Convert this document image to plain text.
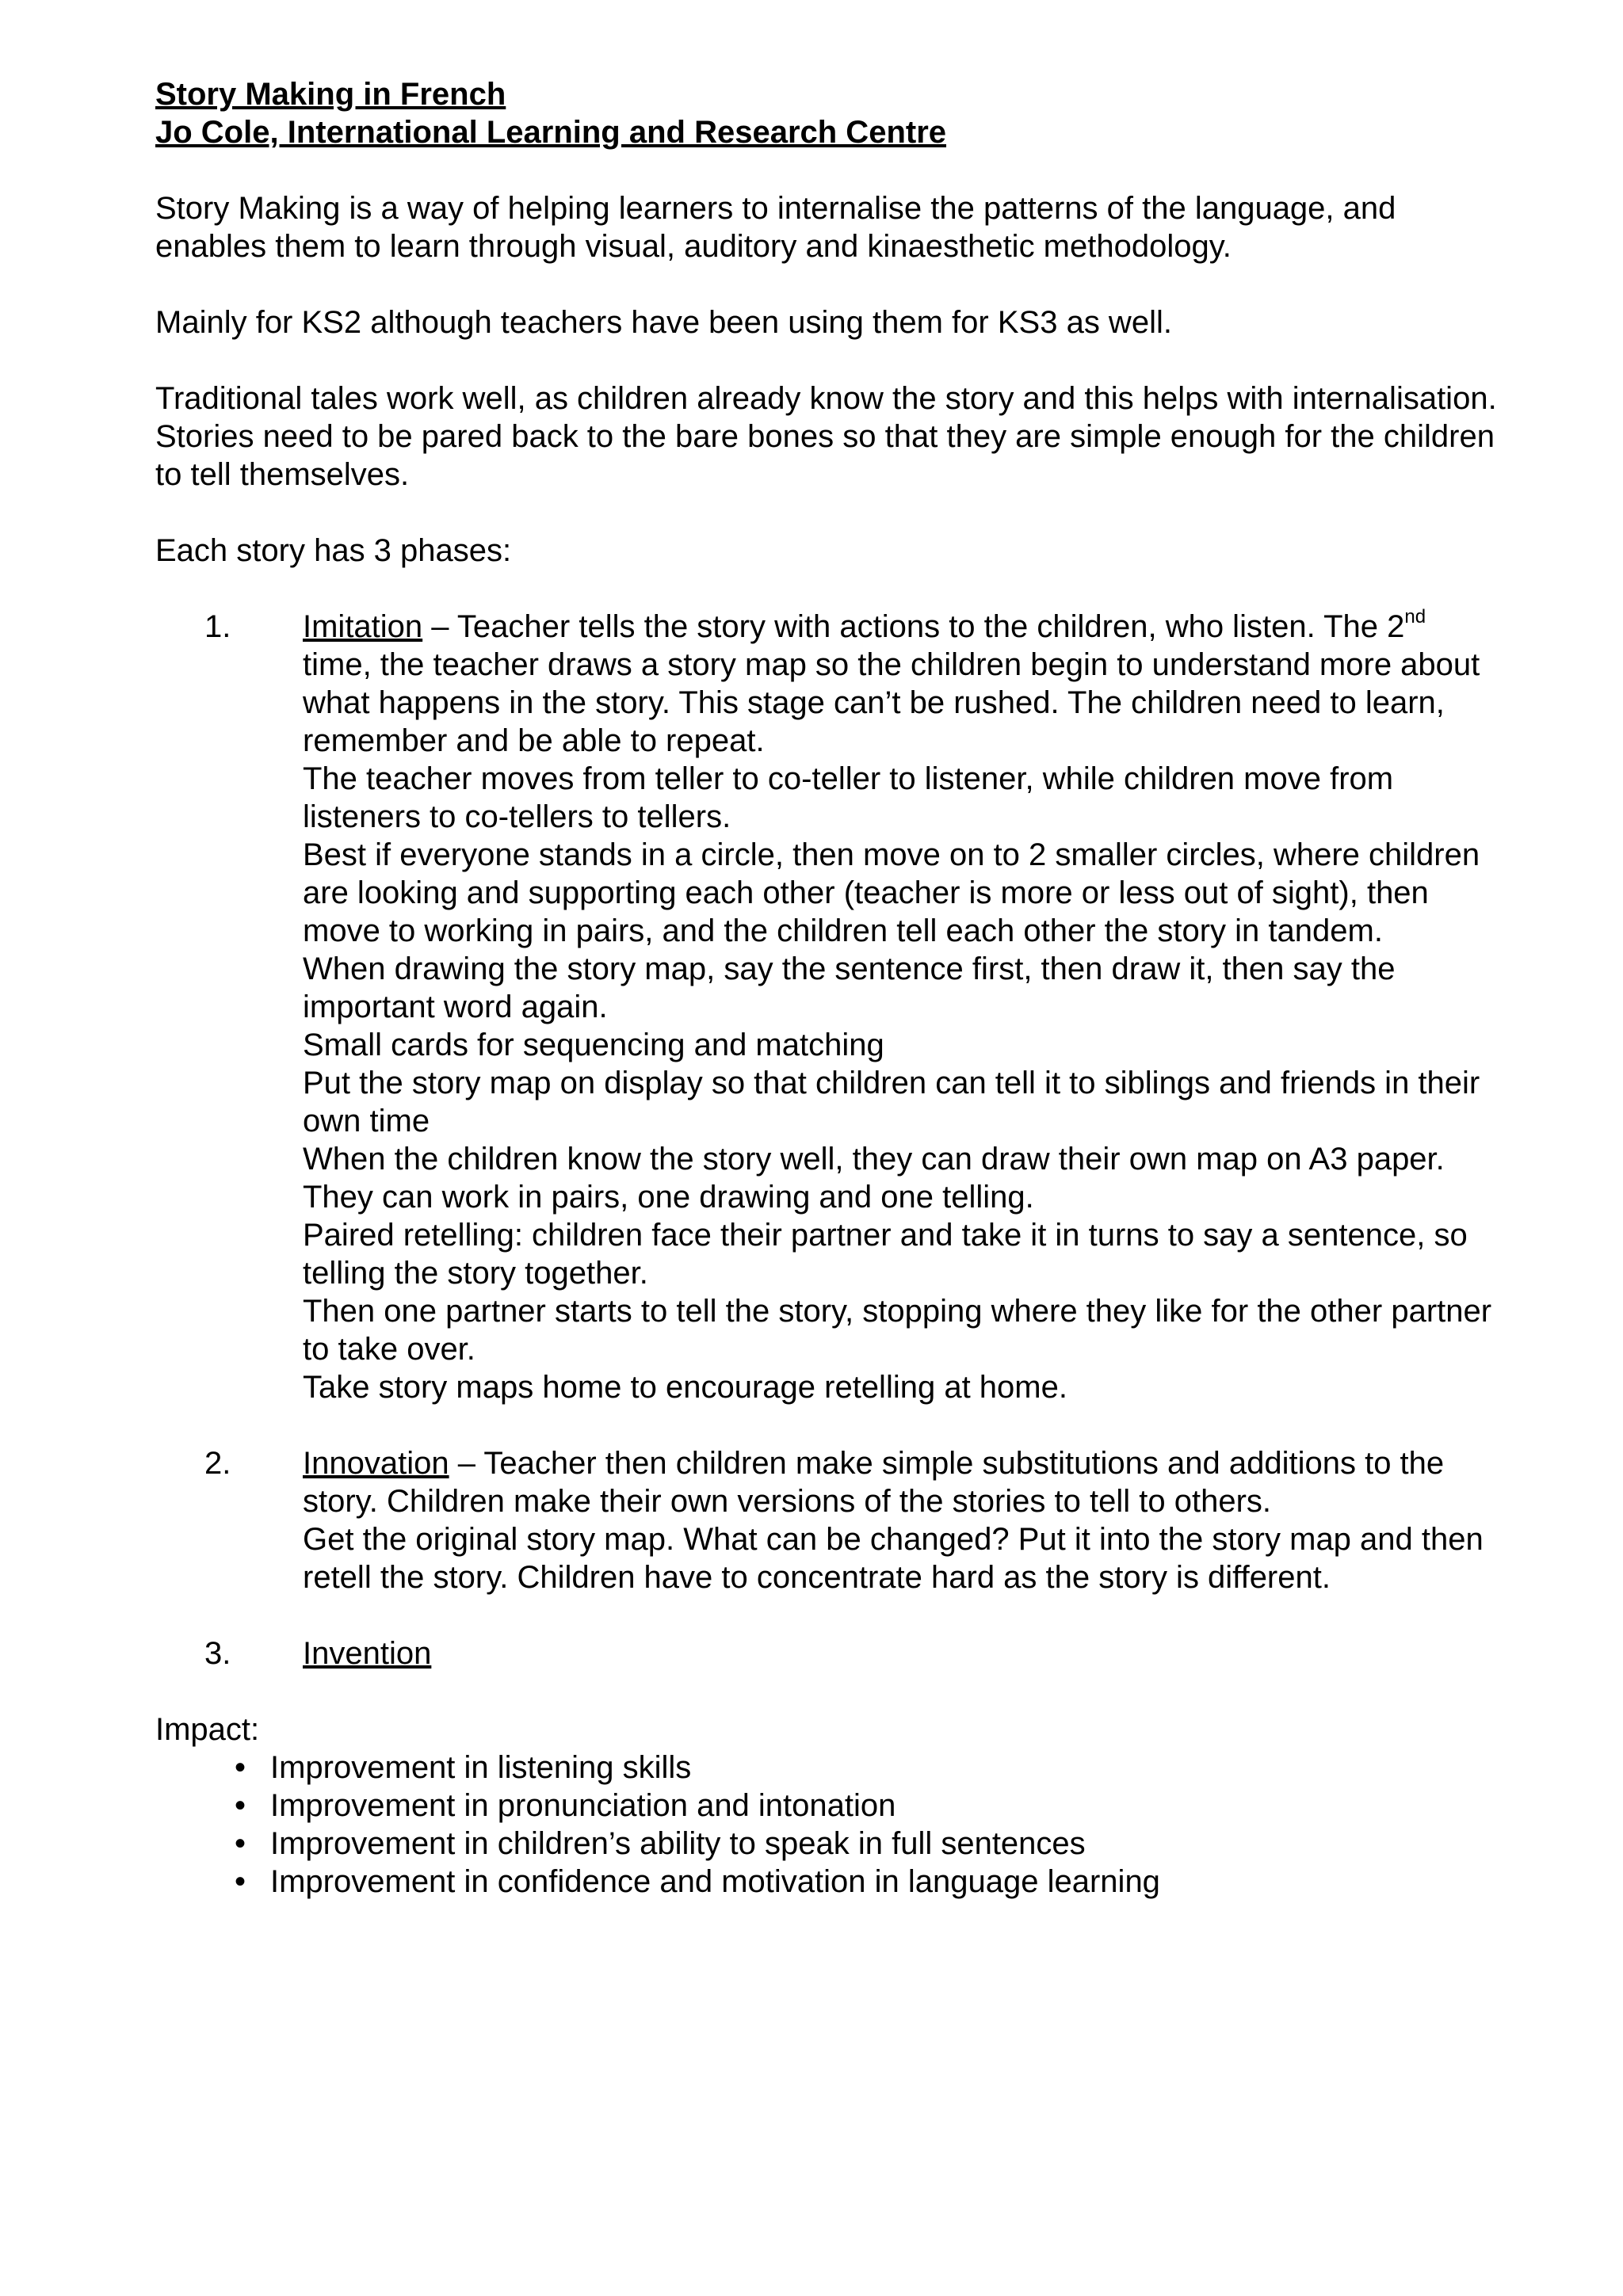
Story Making in French
Jo Cole, International Learning and Research Centre

Story Making is a way of helping learners to internalise the patterns of the language, and enables them to learn through visual, auditory and kinaesthetic methodology.

Mainly for KS2 although teachers have been using them for KS3 as well.

Traditional tales work well, as children already know the story and this helps with internalisation.

Stories need to be pared back to the bare bones so that they are simple enough for the children to tell themselves.

Each story has 3 phases:

1. Imitation – Teacher tells the story with actions to the children, who listen. The 2nd time, the teacher draws a story map so the children begin to understand more about what happens in the story. This stage can’t be rushed. The children need to learn, remember and be able to repeat.

The teacher moves from teller to co-teller to listener, while children move from listeners to co-tellers to tellers.

Best if everyone stands in a circle, then move on to 2 smaller circles, where children are looking and supporting each other (teacher is more or less out of sight), then move to working in pairs, and the children tell each other the story in tandem.

When drawing the story map, say the sentence first, then draw it, then say the important word again.

Small cards for sequencing and matching

Put the story map on display so that children can tell it to siblings and friends in their own time

When the children know the story well, they can draw their own map on A3 paper. They can work in pairs, one drawing and one telling.

Paired retelling: children face their partner and take it in turns to say a sentence, so telling the story together.

Then one partner starts to tell the story, stopping where they like for the other partner to take over.

Take story maps home to encourage retelling at home.

2. Innovation – Teacher then children make simple substitutions and additions to the story. Children make their own versions of the stories to tell to others.

Get the original story map. What can be changed? Put it into the story map and then retell the story. Children have to concentrate hard as the story is different.

3. Invention

Impact:

• Improvement in listening skills
• Improvement in pronunciation and intonation
• Improvement in children’s ability to speak in full sentences
• Improvement in confidence and motivation in language learning
